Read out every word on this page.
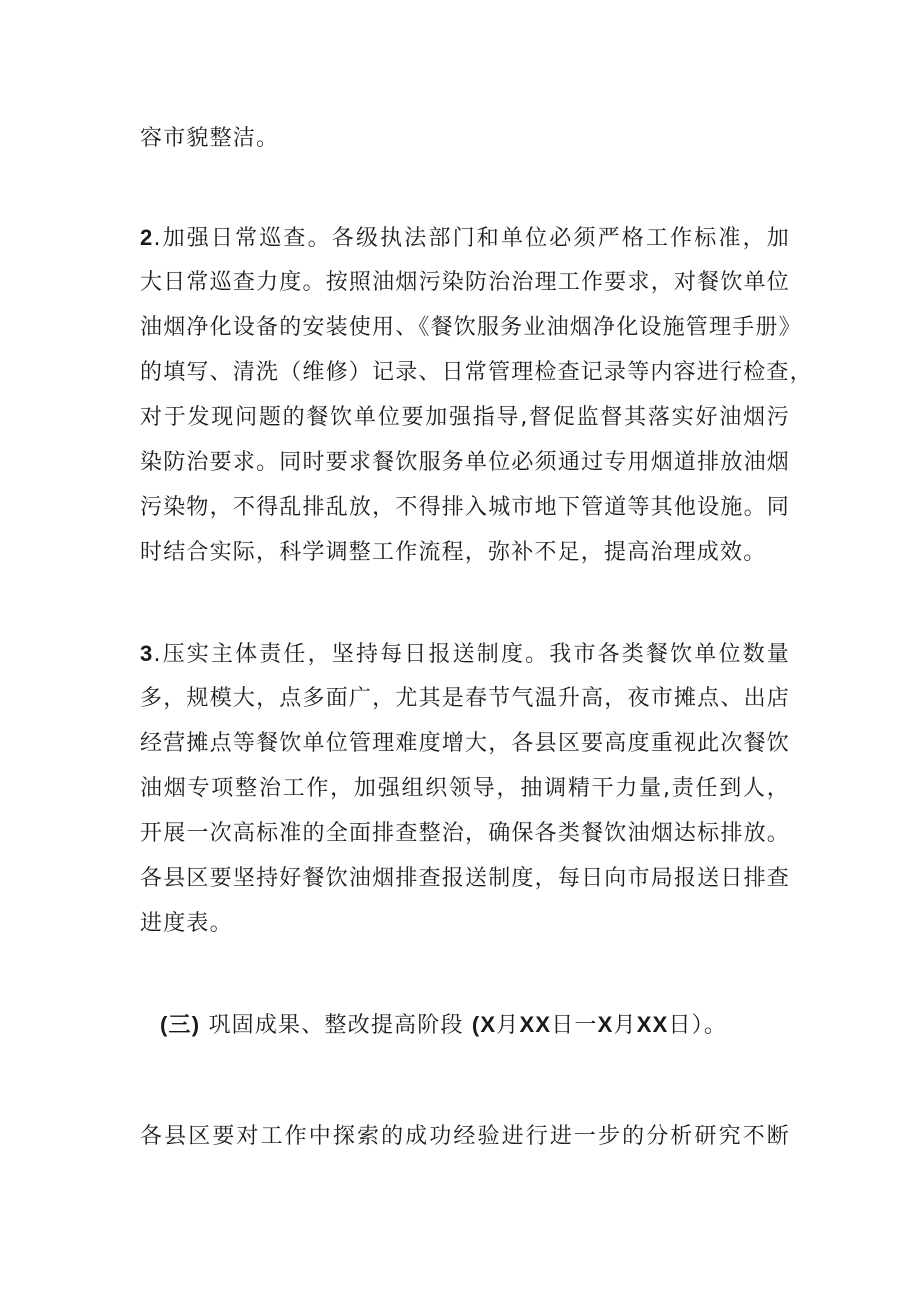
容市貌整洁。
2.加强日常巡查。各级执法部门和单位必须严格工作标准，加
大日常巡查力度。按照油烟污染防治治理工作要求，对餐饮单位
油烟净化设备的安装使用、《餐饮服务业油烟净化设施管理手册》
的填写、清洗（维修）记录、日常管理检查记录等内容进行检查，
对于发现问题的餐饮单位要加强指导,督促监督其落实好油烟污
染防治要求。同时要求餐饮服务单位必须通过专用烟道排放油烟
污染物，不得乱排乱放，不得排入城市地下管道等其他设施。同
时结合实际，科学调整工作流程，弥补不足，提高治理成效。
3.压实主体责任，坚持每日报送制度。我市各类餐饮单位数量
多，规模大，点多面广，尤其是春节气温升高，夜市摊点、出店
经营摊点等餐饮单位管理难度增大，各县区要高度重视此次餐饮
油烟专项整治工作，加强组织领导，抽调精干力量,责任到人，
开展一次高标准的全面排查整治，确保各类餐饮油烟达标排放。
各县区要坚持好餐饮油烟排查报送制度，每日向市局报送日排查
进度表。
(三) 巩固成果、整改提高阶段 (X月XX日一X月XX日）。
各县区要对工作中探索的成功经验进行进一步的分析研究不断
